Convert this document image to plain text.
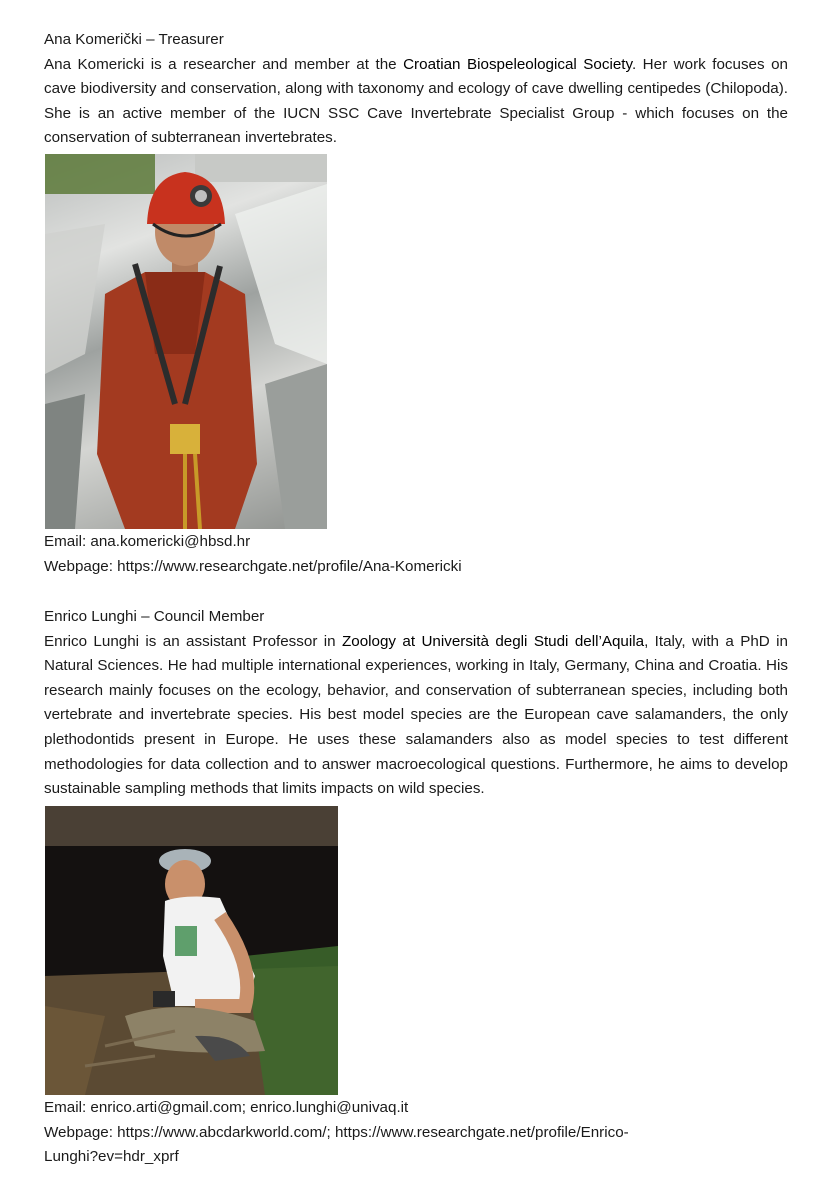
Ana Komerički – Treasurer

Ana Komericki is a researcher and member at the Croatian Biospeleological Society. Her work focuses on cave biodiversity and conservation, along with taxonomy and ecology of cave dwelling centipedes (Chilopoda). She is an active member of the IUCN SSC Cave Invertebrate Specialist Group - which focuses on the conservation of subterranean invertebrates.

Email: ana.komericki@hbsd.hr

Webpage: https://www.researchgate.net/profile/Ana-Komericki

Enrico Lunghi – Council Member

Enrico Lunghi is an assistant Professor in Zoology at Università degli Studi dell’Aquila, Italy, with a PhD in Natural Sciences. He had multiple international experiences, working in Italy, Germany, China and Croatia. His research mainly focuses on the ecology, behavior, and conservation of subterranean species, including both vertebrate and invertebrate species. His best model species are the European cave salamanders, the only plethodontids present in Europe. He uses these salamanders also as model species to test different methodologies for data collection and to answer macroecological questions. Furthermore, he aims to develop sustainable sampling methods that limits impacts on wild species.

Email: enrico.arti@gmail.com; enrico.lunghi@univaq.it

Webpage: https://www.abcdarkworld.com/; https://www.researchgate.net/profile/Enrico-
Lunghi?ev=hdr_xprf
